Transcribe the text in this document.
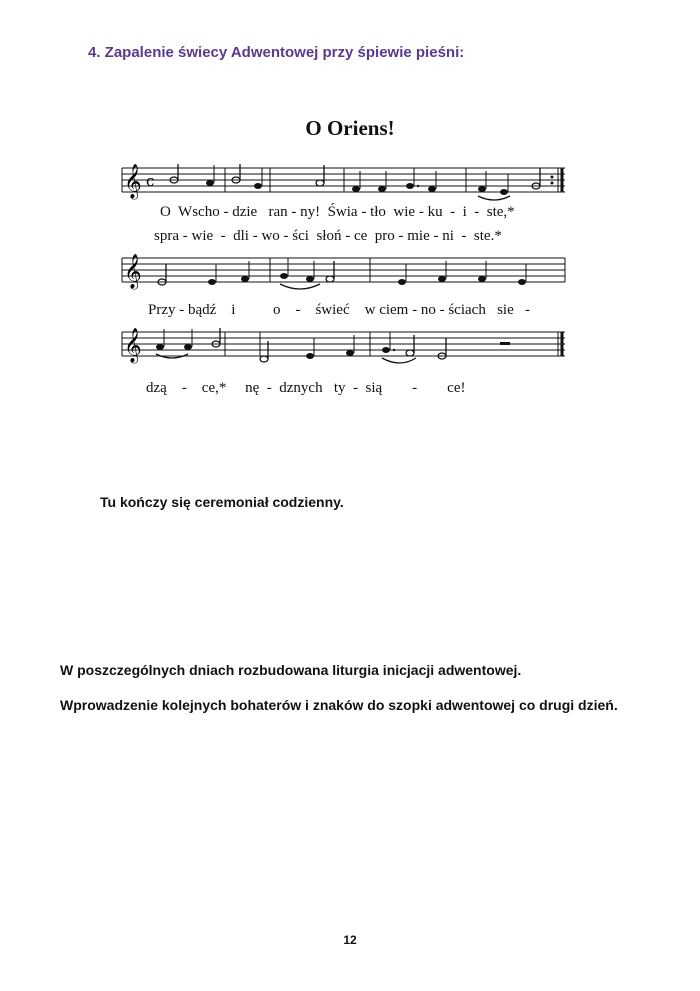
4. Zapalenie świecy Adwentowej przy śpiewie pieśni:
O Oriens!
𝄞 c
O  Wscho - dzie   ran - ny!  Świa - tło  wie - ku  -  i  -  ste,*
spra - wie  -  dli - wo - ści  słoń - ce  pro - mie - ni  -  ste.*
𝄞
Przy - bądź    i          o    -    świeć    w ciem - no - ściach   sie   -
𝄞
dzą    -    ce,*     nę  -  dznych   ty  -  sią        -        ce!
Tu kończy się ceremoniał codzienny.
W poszczególnych dniach rozbudowana liturgia inicjacji adwentowej.
Wprowadzenie kolejnych bohaterów i znaków do szopki adwentowej co drugi dzień.
12
